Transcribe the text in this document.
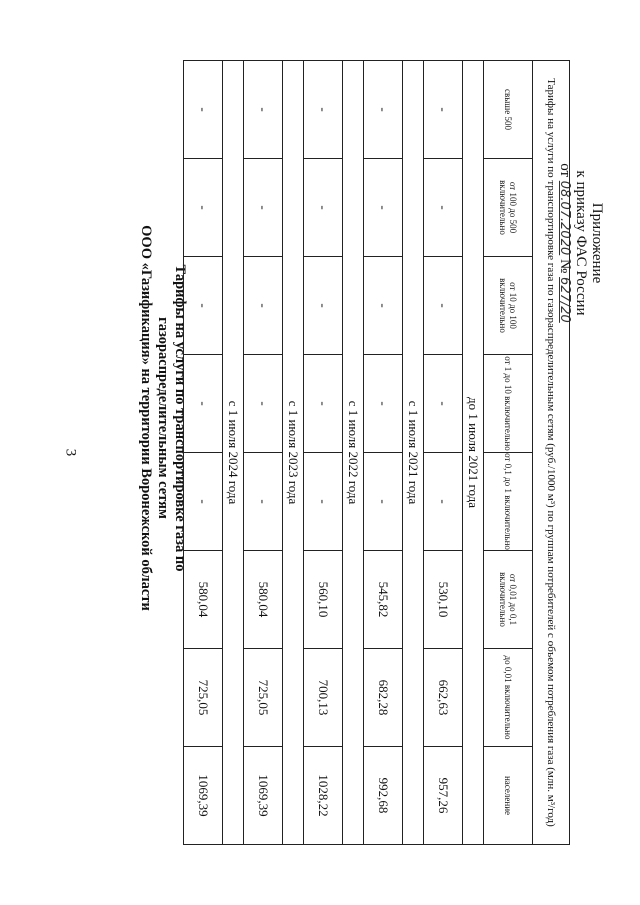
3
Приложение
к приказу ФАС России
от 08.07.2020 № 627/20
Тарифы на услуги по транспортировке газа по газораспределительным сетям
ООО «Газификация» на территории Воронежской области	Тарифы на услуги по транспортировке газа по газораспределительным сетям (руб./1000 м³) по группам потребителей с объемом потребления газа (млн. м³/год)							
свыше 500	от 100 до 500 включительно	от 10 до 100 включительно	от 1 до 10 включительно	от 0,1 до 1 включительно	от 0,01 до 0,1 включительно	до 0,01 включительно	население
до 1 июля 2021 года							
-	-	-	-	-	530,10	662,63	957,26
с 1 июля 2021 года							
-	-	-	-	-	545,82	682,28	992,68
с 1 июля 2022 года							
-	-	-	-	-	560,10	700,13	1028,22
с 1 июля 2023 года							
-	-	-	-	-	580,04	725,05	1069,39
с 1 июля 2024 года							
-	-	-	-	-	580,04	725,05	1069,39
